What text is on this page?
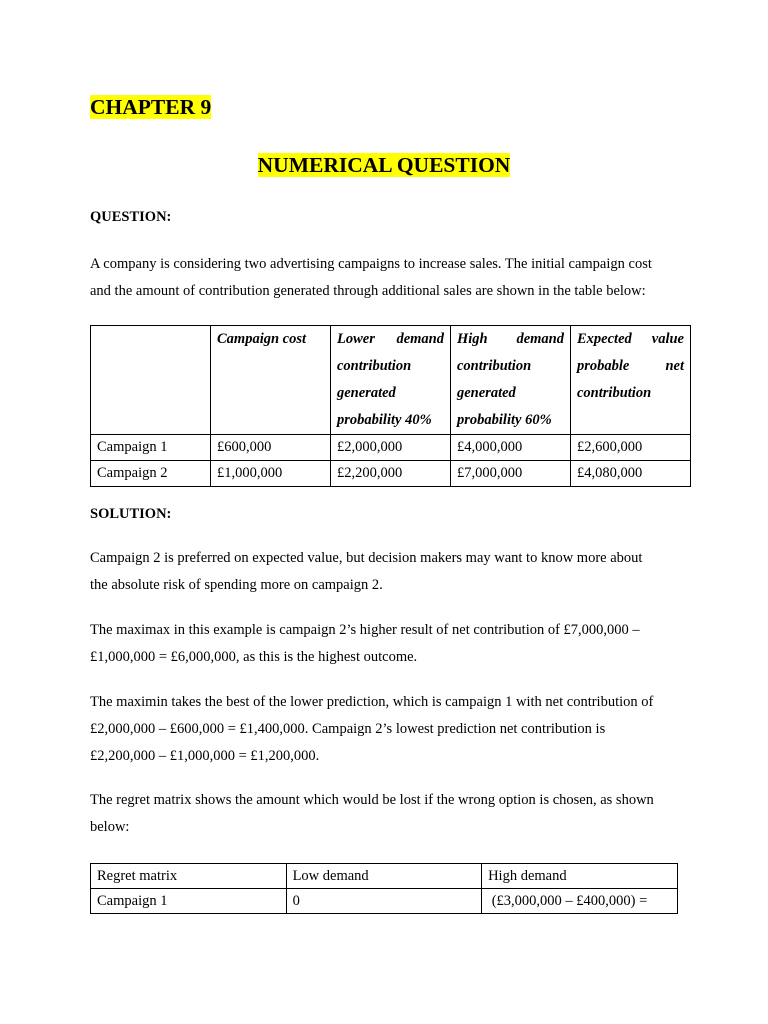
CHAPTER 9
NUMERICAL QUESTION

QUESTION:

A company is considering two advertising campaigns to increase sales. The initial campaign cost

and the amount of contribution generated through additional sales are shown in the table below:

	Campaign cost	Lower demand contribution generated probability 40%	High demand contribution generated probability 60%	Expected value probable net contribution
Campaign 1	£600,000	£2,000,000	£4,000,000	£2,600,000
Campaign 2	£1,000,000	£2,200,000	£7,000,000	£4,080,000

SOLUTION:

Campaign 2 is preferred on expected value, but decision makers may want to know more about

the absolute risk of spending more on campaign 2.

The maximax in this example is campaign 2’s higher result of net contribution of £7,000,000 –

£1,000,000 = £6,000,000, as this is the highest outcome.

The maximin takes the best of the lower prediction, which is campaign 1 with net contribution of

£2,000,000 – £600,000 = £1,400,000. Campaign 2’s lowest prediction net contribution is

£2,200,000 – £1,000,000 = £1,200,000.

The regret matrix shows the amount which would be lost if the wrong option is chosen, as shown

below:

Regret matrix	Low demand	High demand
Campaign 1	0	(£3,000,000 – £400,000) =
